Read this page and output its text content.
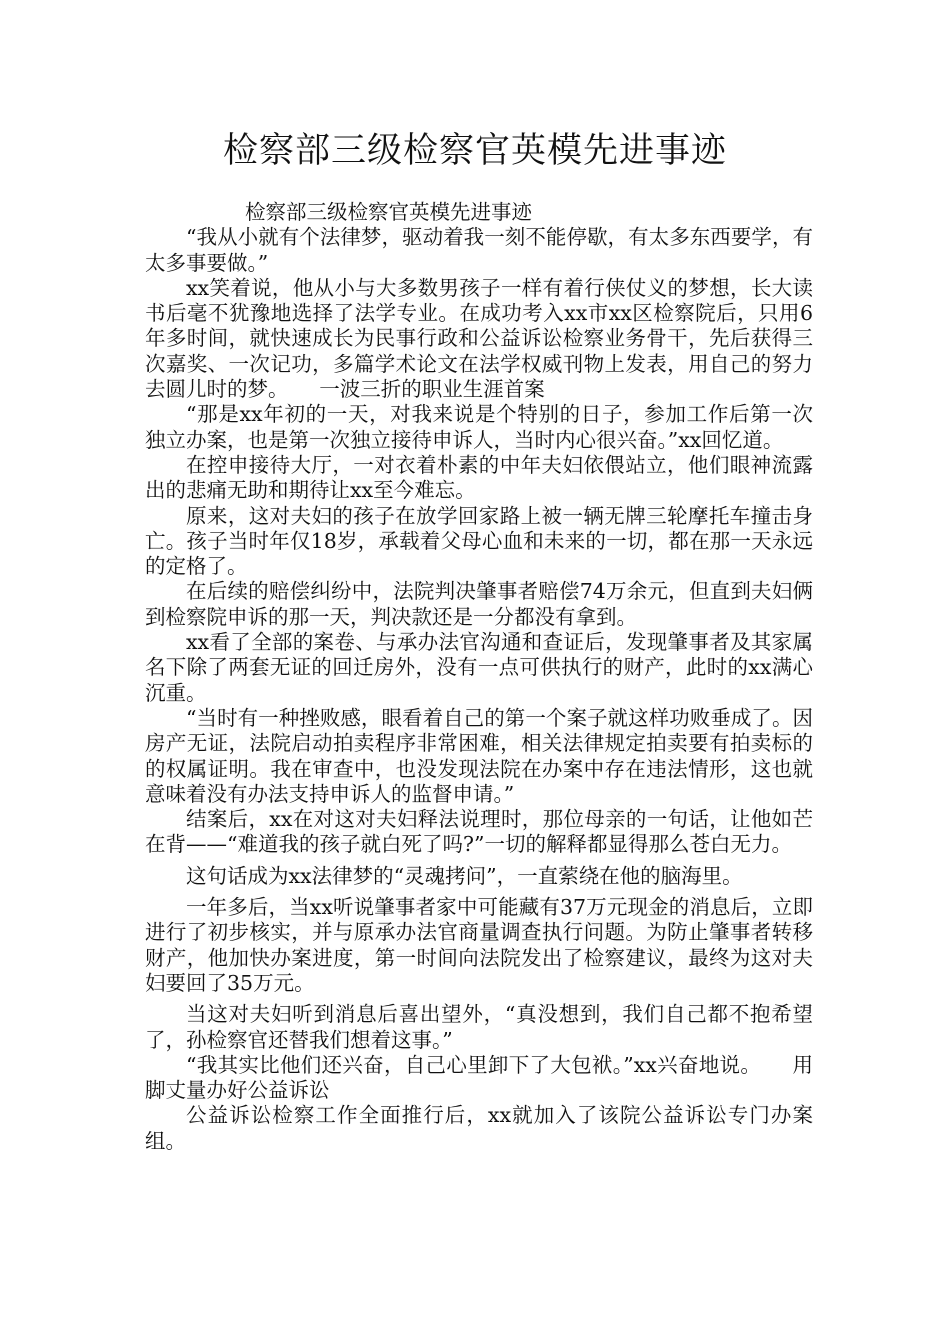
检察部三级检察官英模先进事迹

检察部三级检察官英模先进事迹

“我从小就有个法律梦，驱动着我一刻不能停歇，有太多东西要学，有太多事要做。”

xx笑着说，他从小与大多数男孩子一样有着行侠仗义的梦想，长大读书后毫不犹豫地选择了法学专业。在成功考入xx市xx区检察院后，只用6年多时间，就快速成长为民事行政和公益诉讼检察业务骨干，先后获得三次嘉奖、一次记功，多篇学术论文在法学权威刊物上发表，用自己的努力去圆儿时的梦。　　一波三折的职业生涯首案

“那是xx年初的一天，对我来说是个特别的日子，参加工作后第一次独立办案，也是第一次独立接待申诉人，当时内心很兴奋。”xx回忆道。

在控申接待大厅，一对衣着朴素的中年夫妇依偎站立，他们眼神流露出的悲痛无助和期待让xx至今难忘。

原来，这对夫妇的孩子在放学回家路上被一辆无牌三轮摩托车撞击身亡。孩子当时年仅18岁，承载着父母心血和未来的一切，都在那一天永远的定格了。

在后续的赔偿纠纷中，法院判决肇事者赔偿74万余元，但直到夫妇俩到检察院申诉的那一天，判决款还是一分都没有拿到。

xx看了全部的案卷、与承办法官沟通和查证后，发现肇事者及其家属名下除了两套无证的回迁房外，没有一点可供执行的财产，此时的xx满心沉重。

“当时有一种挫败感，眼看着自己的第一个案子就这样功败垂成了。因房产无证，法院启动拍卖程序非常困难，相关法律规定拍卖要有拍卖标的的权属证明。我在审查中，也没发现法院在办案中存在违法情形，这也就意味着没有办法支持申诉人的监督申请。”

结案后，xx在对这对夫妇释法说理时，那位母亲的一句话，让他如芒在背——“难道我的孩子就白死了吗?”一切的解释都显得那么苍白无力。

这句话成为xx法律梦的“灵魂拷问”，一直萦绕在他的脑海里。

一年多后，当xx听说肇事者家中可能藏有37万元现金的消息后，立即进行了初步核实，并与原承办法官商量调查执行问题。为防止肇事者转移财产，他加快办案进度，第一时间向法院发出了检察建议，最终为这对夫妇要回了35万元。

当这对夫妇听到消息后喜出望外，“真没想到，我们自己都不抱希望了，孙检察官还替我们想着这事。”

“我其实比他们还兴奋，自己心里卸下了大包袱。”xx兴奋地说。　　用脚丈量办好公益诉讼

公益诉讼检察工作全面推行后，xx就加入了该院公益诉讼专门办案组。
